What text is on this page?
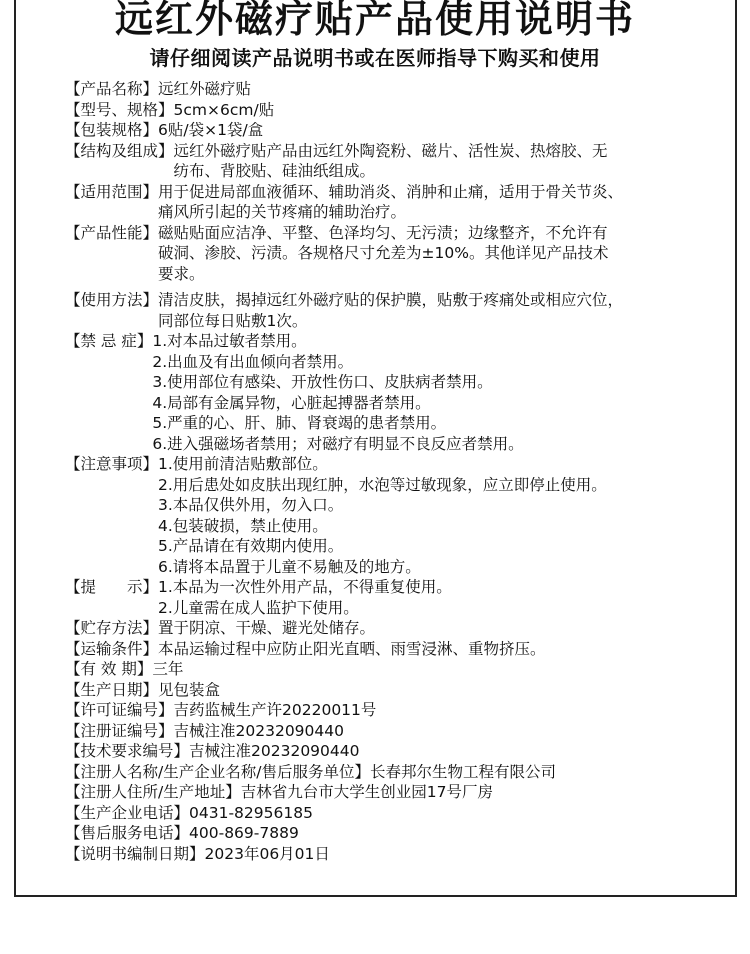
远红外磁疗贴产品使用说明书
请仔细阅读产品说明书或在医师指导下购买和使用
【产品名称】 远红外磁疗贴
【型号、规格】 5cm×6cm/贴
【包装规格】 6贴/袋×1袋/盒
【结构及组成】 远红外磁疗贴产品由远红外陶瓷粉、磁片、活性炭、热熔胶、无
纺布、背胶贴、硅油纸组成。
【适用范围】 用于促进局部血液循环、辅助消炎、消肿和止痛，适用于骨关节炎、
痛风所引起的关节疼痛的辅助治疗。
【产品性能】 磁贴贴面应洁净、平整、色泽均匀、无污渍；边缘整齐，不允许有
破洞、渗胶、污渍。各规格尺寸允差为±10%。其他详见产品技术
要求。
【使用方法】 清洁皮肤，揭掉远红外磁疗贴的保护膜，贴敷于疼痛处或相应穴位，
同部位每日贴敷1次。
【禁 忌 症】 1.对本品过敏者禁用。
2.出血及有出血倾向者禁用。
3.使用部位有感染、开放性伤口、皮肤病者禁用。
4.局部有金属异物，心脏起搏器者禁用。
5.严重的心、肝、肺、肾衰竭的患者禁用。
6.进入强磁场者禁用；对磁疗有明显不良反应者禁用。
【注意事项】 1.使用前清洁贴敷部位。
2.用后患处如皮肤出现红肿，水泡等过敏现象，应立即停止使用。
3.本品仅供外用，勿入口。
4.包装破损，禁止使用。
5.产品请在有效期内使用。
6.请将本品置于儿童不易触及的地方。
【提　　示】 1.本品为一次性外用产品，不得重复使用。
2.儿童需在成人监护下使用。
【贮存方法】 置于阴凉、干燥、避光处储存。
【运输条件】 本品运输过程中应防止阳光直晒、雨雪浸淋、重物挤压。
【有 效 期】 三年
【生产日期】 见包装盒
【许可证编号】 吉药监械生产许20220011号
【注册证编号】 吉械注准20232090440
【技术要求编号】 吉械注准20232090440
【注册人名称/生产企业名称/售后服务单位】 长春邦尔生物工程有限公司
【注册人住所/生产地址】 吉林省九台市大学生创业园17号厂房
【生产企业电话】 0431-82956185
【售后服务电话】 400-869-7889
【说明书编制日期】 2023年06月01日
